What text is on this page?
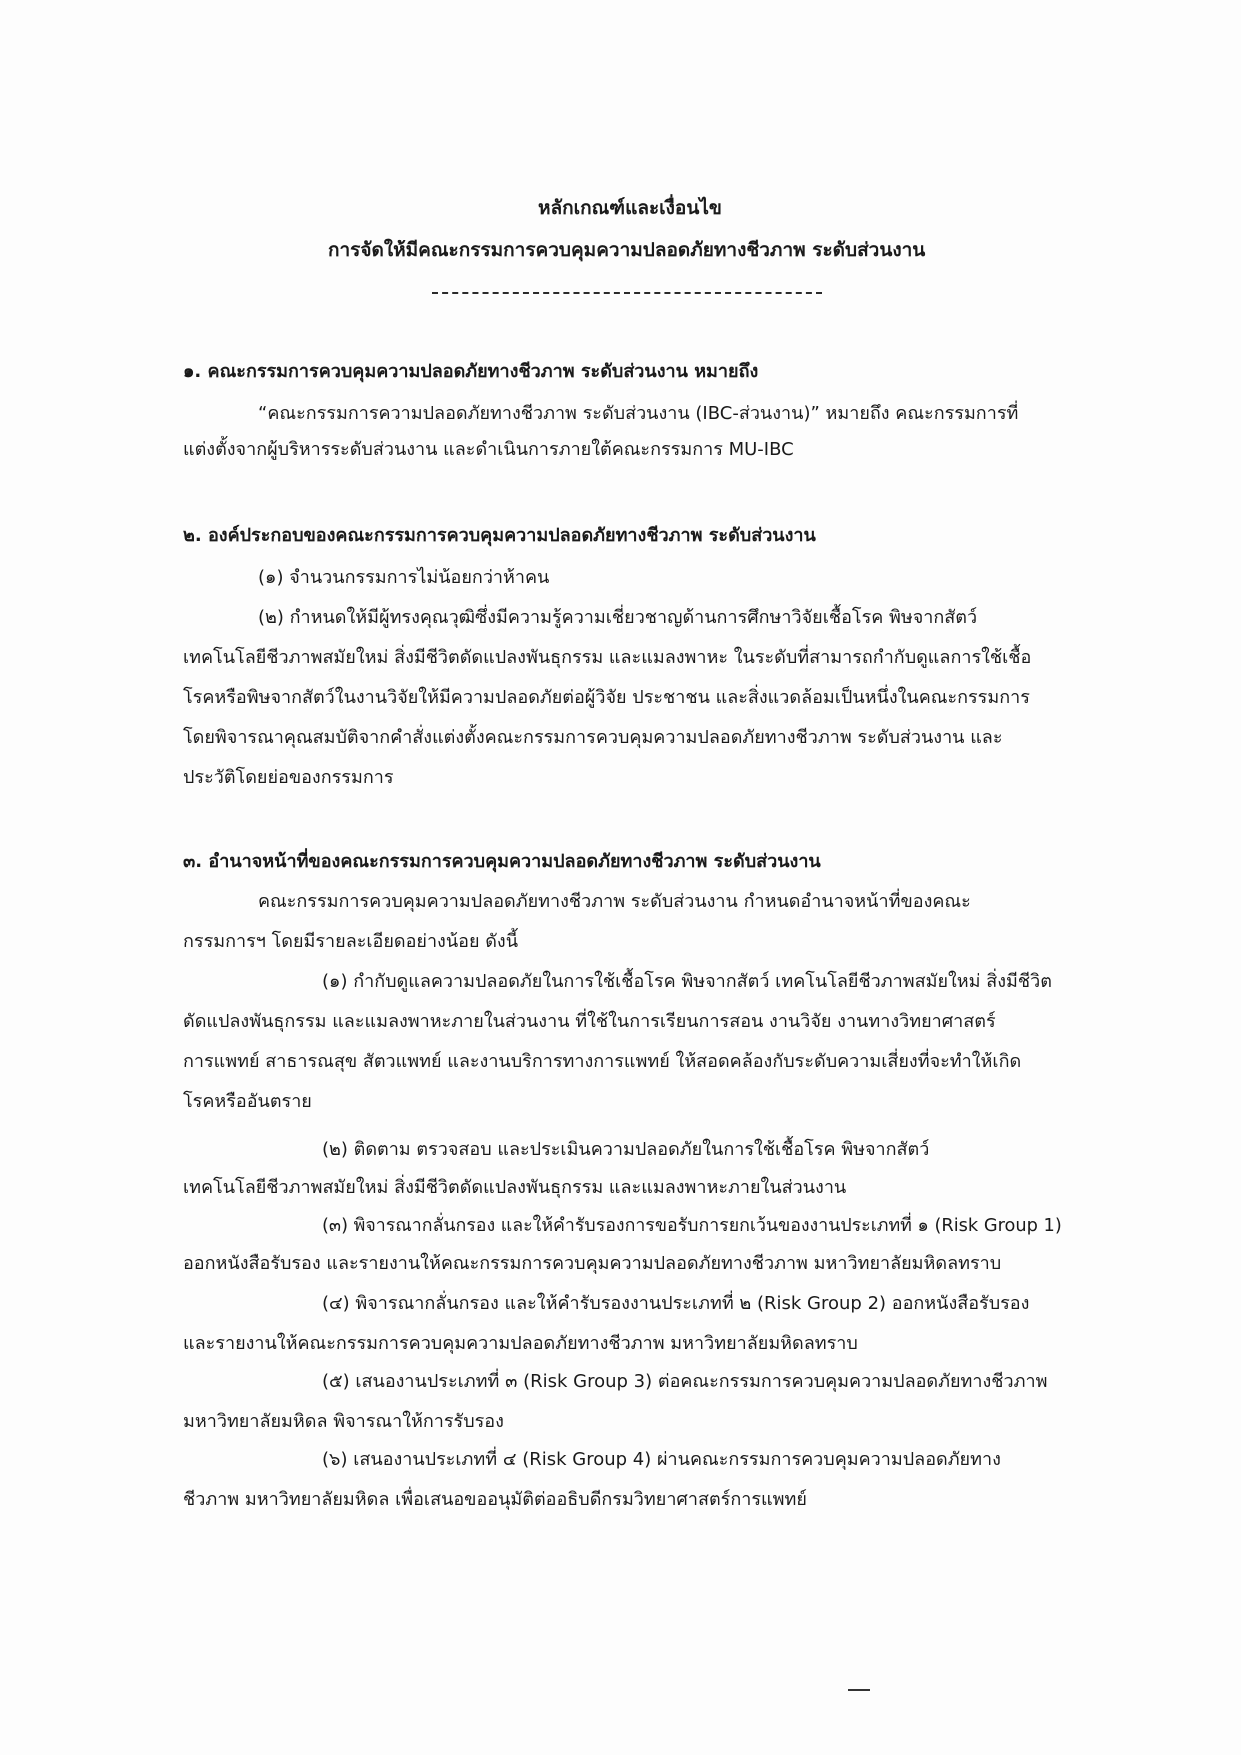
หลักเกณฑ์และเงื่อนไข
การจัดให้มีคณะกรรมการควบคุมความปลอดภัยทางชีวภาพ ระดับส่วนงาน
๑. คณะกรรมการควบคุมความปลอดภัยทางชีวภาพ ระดับส่วนงาน หมายถึง
“คณะกรรมการความปลอดภัยทางชีวภาพ ระดับส่วนงาน (IBC-ส่วนงาน)” หมายถึง คณะกรรมการที่
แต่งตั้งจากผู้บริหารระดับส่วนงาน และดำเนินการภายใต้คณะกรรมการ MU-IBC
๒. องค์ประกอบของคณะกรรมการควบคุมความปลอดภัยทางชีวภาพ ระดับส่วนงาน
(๑) จำนวนกรรมการไม่น้อยกว่าห้าคน
(๒) กำหนดให้มีผู้ทรงคุณวุฒิซึ่งมีความรู้ความเชี่ยวชาญด้านการศึกษาวิจัยเชื้อโรค พิษจากสัตว์
เทคโนโลยีชีวภาพสมัยใหม่ สิ่งมีชีวิตดัดแปลงพันธุกรรม และแมลงพาหะ ในระดับที่สามารถกำกับดูแลการใช้เชื้อ
โรคหรือพิษจากสัตว์ในงานวิจัยให้มีความปลอดภัยต่อผู้วิจัย ประชาชน และสิ่งแวดล้อมเป็นหนึ่งในคณะกรรมการ
โดยพิจารณาคุณสมบัติจากคำสั่งแต่งตั้งคณะกรรมการควบคุมความปลอดภัยทางชีวภาพ ระดับส่วนงาน และ
ประวัติโดยย่อของกรรมการ
๓. อำนาจหน้าที่ของคณะกรรมการควบคุมความปลอดภัยทางชีวภาพ ระดับส่วนงาน
คณะกรรมการควบคุมความปลอดภัยทางชีวภาพ ระดับส่วนงาน กำหนดอำนาจหน้าที่ของคณะ
กรรมการฯ โดยมีรายละเอียดอย่างน้อย ดังนี้
(๑) กำกับดูแลความปลอดภัยในการใช้เชื้อโรค พิษจากสัตว์ เทคโนโลยีชีวภาพสมัยใหม่ สิ่งมีชีวิต
ดัดแปลงพันธุกรรม และแมลงพาหะภายในส่วนงาน ที่ใช้ในการเรียนการสอน งานวิจัย งานทางวิทยาศาสตร์
การแพทย์ สาธารณสุข สัตวแพทย์ และงานบริการทางการแพทย์ ให้สอดคล้องกับระดับความเสี่ยงที่จะทำให้เกิด
โรคหรืออันตราย
(๒) ติดตาม ตรวจสอบ และประเมินความปลอดภัยในการใช้เชื้อโรค พิษจากสัตว์
เทคโนโลยีชีวภาพสมัยใหม่ สิ่งมีชีวิตดัดแปลงพันธุกรรม และแมลงพาหะภายในส่วนงาน
(๓) พิจารณากลั่นกรอง และให้คำรับรองการขอรับการยกเว้นของงานประเภทที่ ๑ (Risk Group 1)
ออกหนังสือรับรอง และรายงานให้คณะกรรมการควบคุมความปลอดภัยทางชีวภาพ มหาวิทยาลัยมหิดลทราบ
(๔) พิจารณากลั่นกรอง และให้คำรับรองงานประเภทที่ ๒ (Risk Group 2) ออกหนังสือรับรอง
และรายงานให้คณะกรรมการควบคุมความปลอดภัยทางชีวภาพ มหาวิทยาลัยมหิดลทราบ
(๕) เสนองานประเภทที่ ๓ (Risk Group 3) ต่อคณะกรรมการควบคุมความปลอดภัยทางชีวภาพ
มหาวิทยาลัยมหิดล พิจารณาให้การรับรอง
(๖) เสนองานประเภทที่ ๔ (Risk Group 4) ผ่านคณะกรรมการควบคุมความปลอดภัยทาง
ชีวภาพ มหาวิทยาลัยมหิดล เพื่อเสนอขออนุมัติต่ออธิบดีกรมวิทยาศาสตร์การแพทย์
